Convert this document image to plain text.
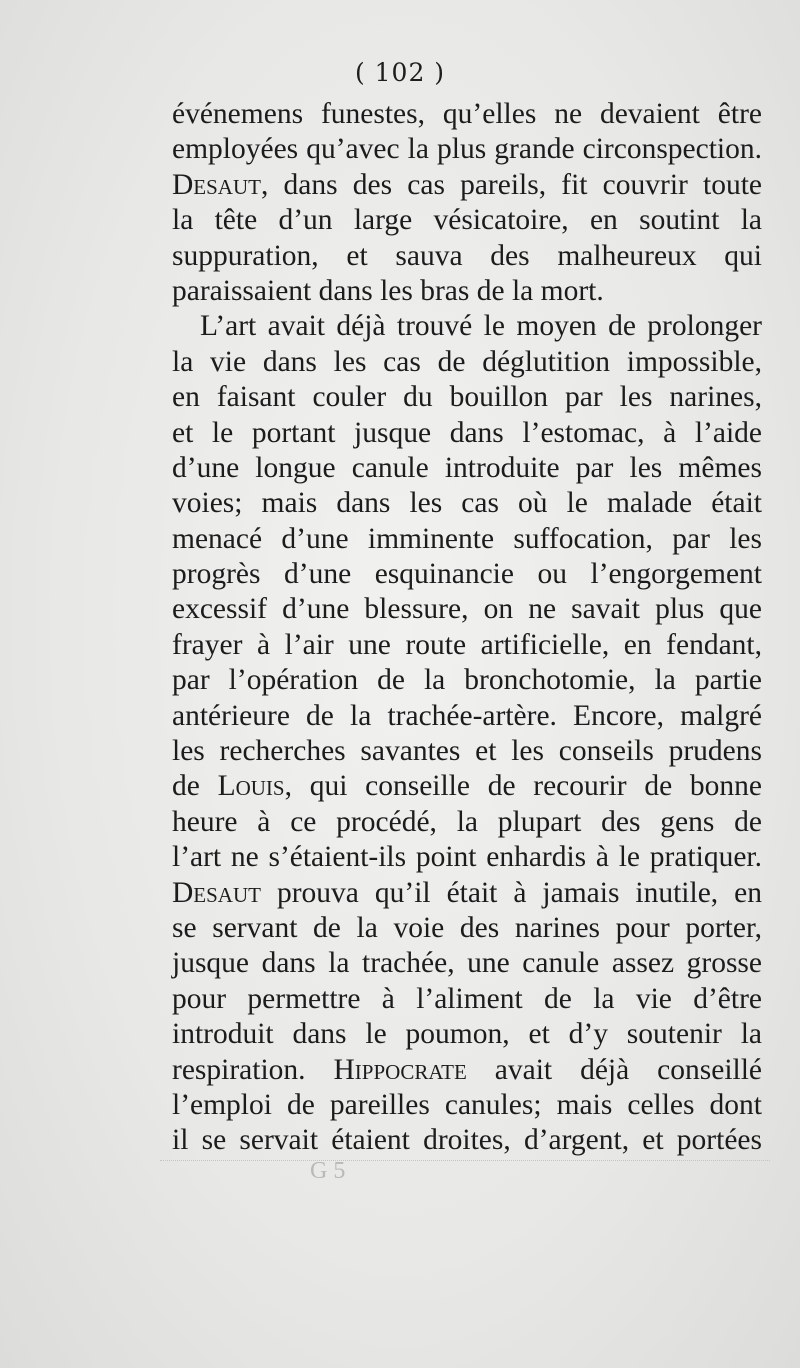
( 102 )
événemens funestes, qu’elles ne devaient être
employées qu’avec la plus grande circonspection.
Desaut, dans des cas pareils, fit couvrir toute
la tête d’un large vésicatoire, en soutint la
suppuration, et sauva des malheureux qui
paraissaient dans les bras de la mort.
L’art avait déjà trouvé le moyen de prolonger
la vie dans les cas de déglutition impossible,
en faisant couler du bouillon par les narines,
et le portant jusque dans l’estomac, à l’aide
d’une longue canule introduite par les mêmes
voies; mais dans les cas où le malade était
menacé d’une imminente suffocation, par les
progrès d’une esquinancie ou l’engorgement
excessif d’une blessure, on ne savait plus que
frayer à l’air une route artificielle, en fendant,
par l’opération de la bronchotomie, la partie
antérieure de la trachée-artère. Encore, malgré
les recherches savantes et les conseils prudens
de Louis, qui conseille de recourir de bonne
heure à ce procédé, la plupart des gens de
l’art ne s’étaient-ils point enhardis à le pratiquer.
Desaut prouva qu’il était à jamais inutile, en
se servant de la voie des narines pour porter,
jusque dans la trachée, une canule assez grosse
pour permettre à l’aliment de la vie d’être
introduit dans le poumon, et d’y soutenir la
respiration. Hippocrate avait déjà conseillé
l’emploi de pareilles canules; mais celles dont
il se servait étaient droites, d’argent, et portées
G 5
